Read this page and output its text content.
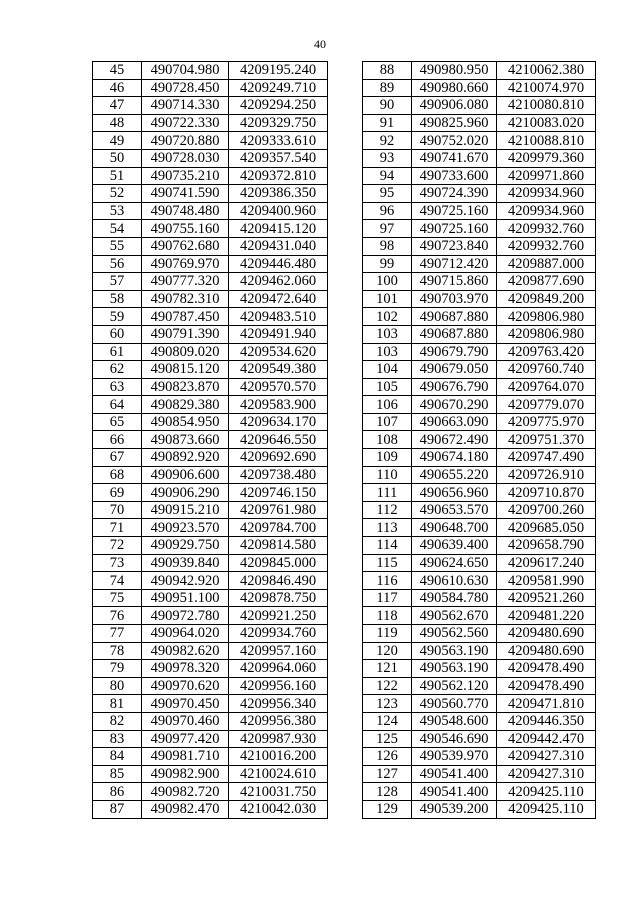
40
45	490704.980	4209195.240
46	490728.450	4209249.710
47	490714.330	4209294.250
48	490722.330	4209329.750
49	490720.880	4209333.610
50	490728.030	4209357.540
51	490735.210	4209372.810
52	490741.590	4209386.350
53	490748.480	4209400.960
54	490755.160	4209415.120
55	490762.680	4209431.040
56	490769.970	4209446.480
57	490777.320	4209462.060
58	490782.310	4209472.640
59	490787.450	4209483.510
60	490791.390	4209491.940
61	490809.020	4209534.620
62	490815.120	4209549.380
63	490823.870	4209570.570
64	490829.380	4209583.900
65	490854.950	4209634.170
66	490873.660	4209646.550
67	490892.920	4209692.690
68	490906.600	4209738.480
69	490906.290	4209746.150
70	490915.210	4209761.980
71	490923.570	4209784.700
72	490929.750	4209814.580
73	490939.840	4209845.000
74	490942.920	4209846.490
75	490951.100	4209878.750
76	490972.780	4209921.250
77	490964.020	4209934.760
78	490982.620	4209957.160
79	490978.320	4209964.060
80	490970.620	4209956.160
81	490970.450	4209956.340
82	490970.460	4209956.380
83	490977.420	4209987.930
84	490981.710	4210016.200
85	490982.900	4210024.610
86	490982.720	4210031.750
87	490982.470	4210042.030
88	490980.950	4210062.380
89	490980.660	4210074.970
90	490906.080	4210080.810
91	490825.960	4210083.020
92	490752.020	4210088.810
93	490741.670	4209979.360
94	490733.600	4209971.860
95	490724.390	4209934.960
96	490725.160	4209934.960
97	490725.160	4209932.760
98	490723.840	4209932.760
99	490712.420	4209887.000
100	490715.860	4209877.690
101	490703.970	4209849.200
102	490687.880	4209806.980
103	490687.880	4209806.980
103	490679.790	4209763.420
104	490679.050	4209760.740
105	490676.790	4209764.070
106	490670.290	4209779.070
107	490663.090	4209775.970
108	490672.490	4209751.370
109	490674.180	4209747.490
110	490655.220	4209726.910
111	490656.960	4209710.870
112	490653.570	4209700.260
113	490648.700	4209685.050
114	490639.400	4209658.790
115	490624.650	4209617.240
116	490610.630	4209581.990
117	490584.780	4209521.260
118	490562.670	4209481.220
119	490562.560	4209480.690
120	490563.190	4209480.690
121	490563.190	4209478.490
122	490562.120	4209478.490
123	490560.770	4209471.810
124	490548.600	4209446.350
125	490546.690	4209442.470
126	490539.970	4209427.310
127	490541.400	4209427.310
128	490541.400	4209425.110
129	490539.200	4209425.110
